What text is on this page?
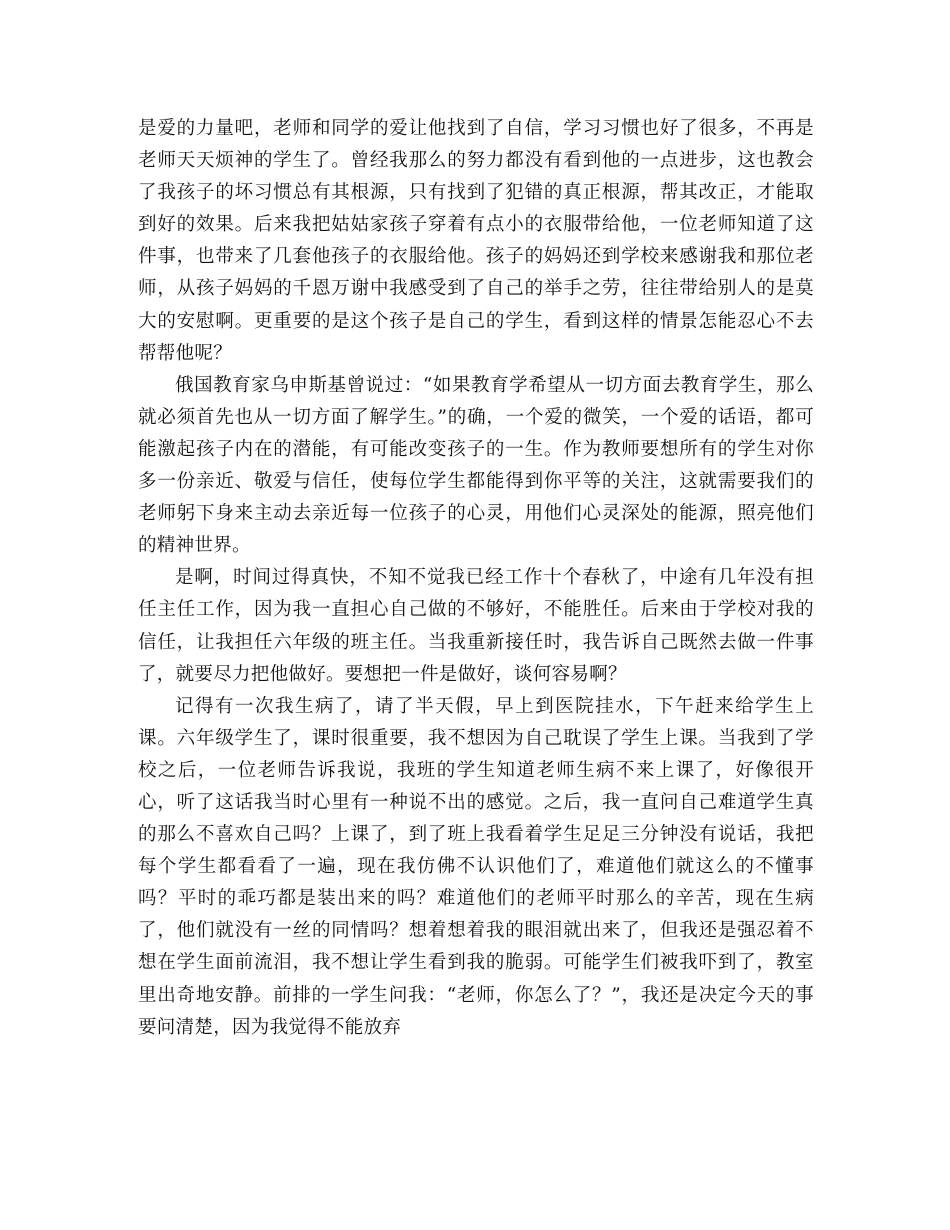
是爱的力量吧，老师和同学的爱让他找到了自信，学习习惯也好了很多，不再是老师天天烦神的学生了。曾经我那么的努力都没有看到他的一点进步，这也教会了我孩子的坏习惯总有其根源，只有找到了犯错的真正根源，帮其改正，才能取到好的效果。后来我把姑姑家孩子穿着有点小的衣服带给他，一位老师知道了这件事，也带来了几套他孩子的衣服给他。孩子的妈妈还到学校来感谢我和那位老师，从孩子妈妈的千恩万谢中我感受到了自己的举手之劳，往往带给别人的是莫大的安慰啊。更重要的是这个孩子是自己的学生，看到这样的情景怎能忍心不去帮帮他呢？

俄国教育家乌申斯基曾说过：“如果教育学希望从一切方面去教育学生，那么就必须首先也从一切方面了解学生。”的确，一个爱的微笑，一个爱的话语，都可能激起孩子内在的潜能，有可能改变孩子的一生。作为教师要想所有的学生对你多一份亲近、敬爱与信任，使每位学生都能得到你平等的关注，这就需要我们的老师躬下身来主动去亲近每一位孩子的心灵，用他们心灵深处的能源，照亮他们的精神世界。

是啊，时间过得真快，不知不觉我已经工作十个春秋了，中途有几年没有担任主任工作，因为我一直担心自己做的不够好，不能胜任。后来由于学校对我的信任，让我担任六年级的班主任。当我重新接任时，我告诉自己既然去做一件事了，就要尽力把他做好。要想把一件是做好，谈何容易啊？

记得有一次我生病了，请了半天假，早上到医院挂水，下午赶来给学生上课。六年级学生了，课时很重要，我不想因为自己耽误了学生上课。当我到了学校之后，一位老师告诉我说，我班的学生知道老师生病不来上课了，好像很开心，听了这话我当时心里有一种说不出的感觉。之后，我一直问自己难道学生真的那么不喜欢自己吗？上课了，到了班上我看着学生足足三分钟没有说话，我把每个学生都看看了一遍，现在我仿佛不认识他们了，难道他们就这么的不懂事吗？平时的乖巧都是装出来的吗？难道他们的老师平时那么的辛苦，现在生病了，他们就没有一丝的同情吗？想着想着我的眼泪就出来了，但我还是强忍着不想在学生面前流泪，我不想让学生看到我的脆弱。可能学生们被我吓到了，教室里出奇地安静。前排的一学生问我：“老师，你怎么了？”，我还是决定今天的事要问清楚，因为我觉得不能放弃
